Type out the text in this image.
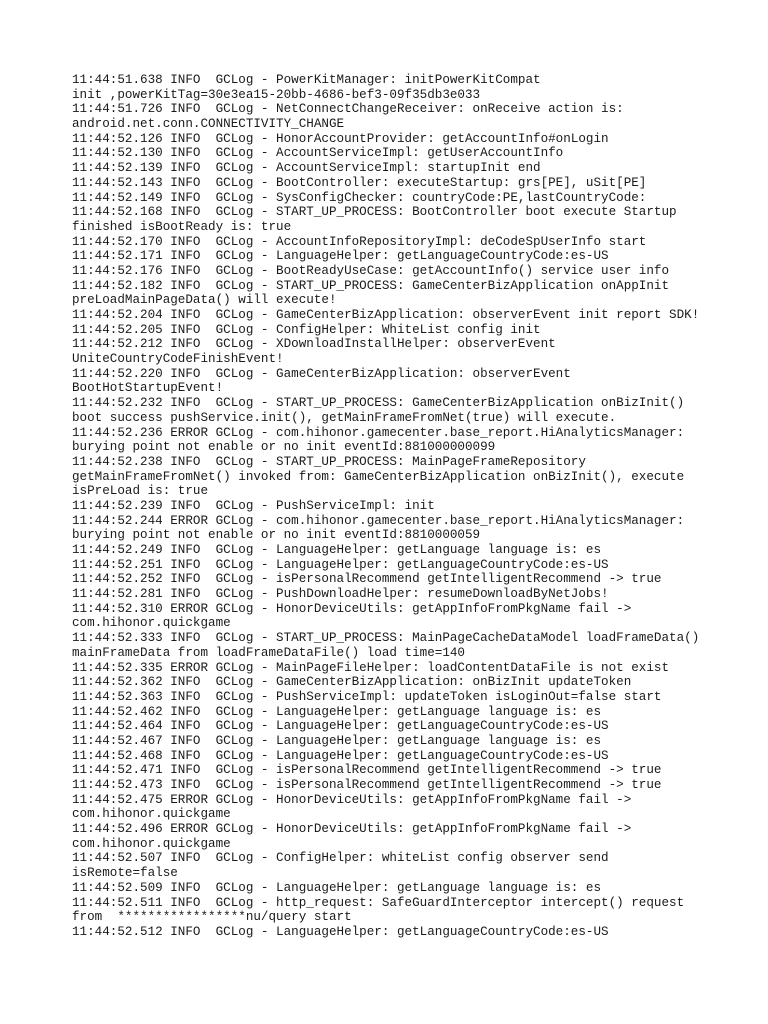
11:44:51.638 INFO  GCLog - PowerKitManager: initPowerKitCompat
init ,powerKitTag=30e3ea15-20bb-4686-bef3-09f35db3e033
11:44:51.726 INFO  GCLog - NetConnectChangeReceiver: onReceive action is:
android.net.conn.CONNECTIVITY_CHANGE
11:44:52.126 INFO  GCLog - HonorAccountProvider: getAccountInfo#onLogin
11:44:52.130 INFO  GCLog - AccountServiceImpl: getUserAccountInfo
11:44:52.139 INFO  GCLog - AccountServiceImpl: startupInit end
11:44:52.143 INFO  GCLog - BootController: executeStartup: grs[PE], uSit[PE]
11:44:52.149 INFO  GCLog - SysConfigChecker: countryCode:PE,lastCountryCode:
11:44:52.168 INFO  GCLog - START_UP_PROCESS: BootController boot execute Startup
finished isBootReady is: true
11:44:52.170 INFO  GCLog - AccountInfoRepositoryImpl: deCodeSpUserInfo start
11:44:52.171 INFO  GCLog - LanguageHelper: getLanguageCountryCode:es-US
11:44:52.176 INFO  GCLog - BootReadyUseCase: getAccountInfo() service user info
11:44:52.182 INFO  GCLog - START_UP_PROCESS: GameCenterBizApplication onAppInit
preLoadMainPageData() will execute!
11:44:52.204 INFO  GCLog - GameCenterBizApplication: observerEvent init report SDK!
11:44:52.205 INFO  GCLog - ConfigHelper: WhiteList config init
11:44:52.212 INFO  GCLog - XDownloadInstallHelper: observerEvent
UniteCountryCodeFinishEvent!
11:44:52.220 INFO  GCLog - GameCenterBizApplication: observerEvent
BootHotStartupEvent!
11:44:52.232 INFO  GCLog - START_UP_PROCESS: GameCenterBizApplication onBizInit()
boot success pushService.init(), getMainFrameFromNet(true) will execute.
11:44:52.236 ERROR GCLog - com.hihonor.gamecenter.base_report.HiAnalyticsManager:
burying point not enable or no init eventId:881000000099
11:44:52.238 INFO  GCLog - START_UP_PROCESS: MainPageFrameRepository
getMainFrameFromNet() invoked from: GameCenterBizApplication onBizInit(), execute
isPreLoad is: true
11:44:52.239 INFO  GCLog - PushServiceImpl: init
11:44:52.244 ERROR GCLog - com.hihonor.gamecenter.base_report.HiAnalyticsManager:
burying point not enable or no init eventId:8810000059
11:44:52.249 INFO  GCLog - LanguageHelper: getLanguage language is: es
11:44:52.251 INFO  GCLog - LanguageHelper: getLanguageCountryCode:es-US
11:44:52.252 INFO  GCLog - isPersonalRecommend getIntelligentRecommend -> true
11:44:52.281 INFO  GCLog - PushDownloadHelper: resumeDownloadByNetJobs!
11:44:52.310 ERROR GCLog - HonorDeviceUtils: getAppInfoFromPkgName fail ->
com.hihonor.quickgame
11:44:52.333 INFO  GCLog - START_UP_PROCESS: MainPageCacheDataModel loadFrameData()
mainFrameData from loadFrameDataFile() load time=140
11:44:52.335 ERROR GCLog - MainPageFileHelper: loadContentDataFile is not exist
11:44:52.362 INFO  GCLog - GameCenterBizApplication: onBizInit updateToken
11:44:52.363 INFO  GCLog - PushServiceImpl: updateToken isLoginOut=false start
11:44:52.462 INFO  GCLog - LanguageHelper: getLanguage language is: es
11:44:52.464 INFO  GCLog - LanguageHelper: getLanguageCountryCode:es-US
11:44:52.467 INFO  GCLog - LanguageHelper: getLanguage language is: es
11:44:52.468 INFO  GCLog - LanguageHelper: getLanguageCountryCode:es-US
11:44:52.471 INFO  GCLog - isPersonalRecommend getIntelligentRecommend -> true
11:44:52.473 INFO  GCLog - isPersonalRecommend getIntelligentRecommend -> true
11:44:52.475 ERROR GCLog - HonorDeviceUtils: getAppInfoFromPkgName fail ->
com.hihonor.quickgame
11:44:52.496 ERROR GCLog - HonorDeviceUtils: getAppInfoFromPkgName fail ->
com.hihonor.quickgame
11:44:52.507 INFO  GCLog - ConfigHelper: whiteList config observer send
isRemote=false
11:44:52.509 INFO  GCLog - LanguageHelper: getLanguage language is: es
11:44:52.511 INFO  GCLog - http_request: SafeGuardInterceptor intercept() request
from  *****************nu/query start
11:44:52.512 INFO  GCLog - LanguageHelper: getLanguageCountryCode:es-US
